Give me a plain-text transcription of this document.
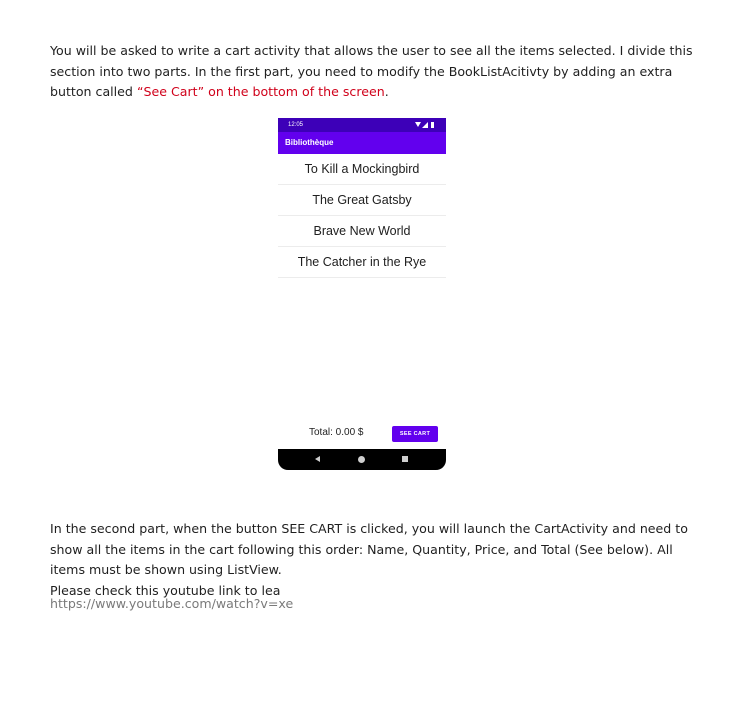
You will be asked to write a cart activity that allows the user to see all the items selected. I divide this
section into two parts. In the first part, you need to modify the BookListAcitivty by adding an extra
button called “See Cart” on the bottom of the screen.
12:05
Bibliothèque
To Kill a Mockingbird
The Great Gatsby
Brave New World
The Catcher in the Rye
Total: 0.00 $	SEE CART
In the second part, when the button SEE CART is clicked, you will launch the CartActivity and need to
show all the items in the cart following this order: Name, Quantity, Price, and Total (See below). All
items must be shown using ListView.
Please check this youtube link to lea
https://www.youtube.com/watch?v=xe
